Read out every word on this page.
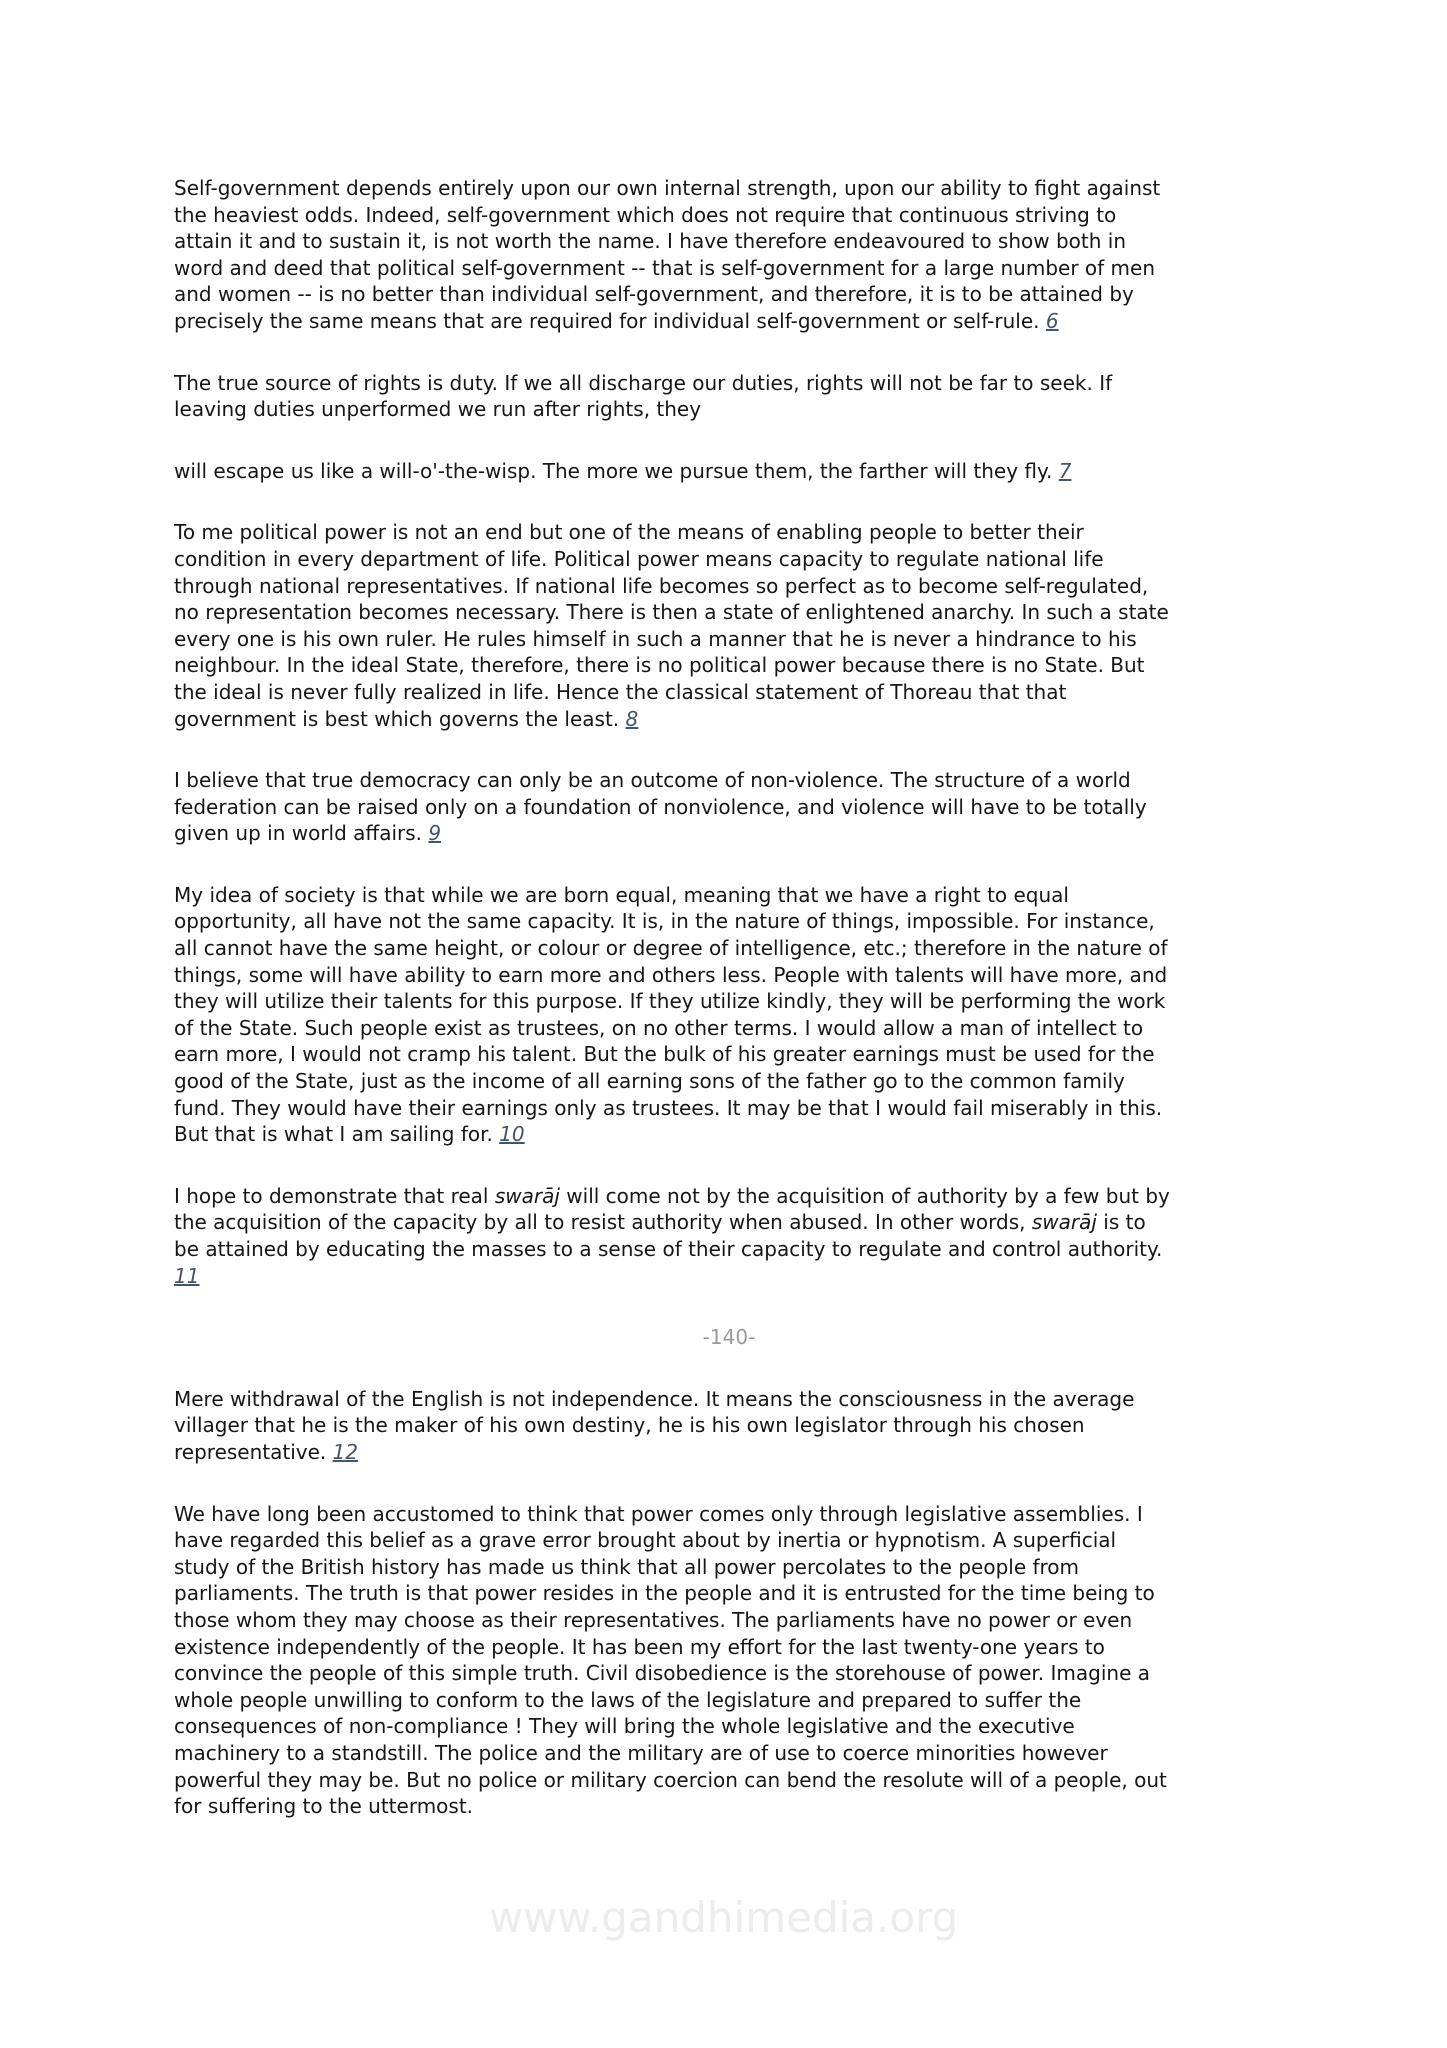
Self-government depends entirely upon our own internal strength, upon our ability to fight against
the heaviest odds. Indeed, self-government which does not require that continuous striving to
attain it and to sustain it, is not worth the name. I have therefore endeavoured to show both in
word and deed that political self-government -- that is self-government for a large number of men
and women -- is no better than individual self-government, and therefore, it is to be attained by
precisely the same means that are required for individual self-government or self-rule. 6
The true source of rights is duty. If we all discharge our duties, rights will not be far to seek. If
leaving duties unperformed we run after rights, they
will escape us like a will-o'-the-wisp. The more we pursue them, the farther will they fly. 7
To me political power is not an end but one of the means of enabling people to better their
condition in every department of life. Political power means capacity to regulate national life
through national representatives. If national life becomes so perfect as to become self-regulated,
no representation becomes necessary. There is then a state of enlightened anarchy. In such a state
every one is his own ruler. He rules himself in such a manner that he is never a hindrance to his
neighbour. In the ideal State, therefore, there is no political power because there is no State. But
the ideal is never fully realized in life. Hence the classical statement of Thoreau that that
government is best which governs the least. 8
I believe that true democracy can only be an outcome of non-violence. The structure of a world
federation can be raised only on a foundation of nonviolence, and violence will have to be totally
given up in world affairs. 9
My idea of society is that while we are born equal, meaning that we have a right to equal
opportunity, all have not the same capacity. It is, in the nature of things, impossible. For instance,
all cannot have the same height, or colour or degree of intelligence, etc.; therefore in the nature of
things, some will have ability to earn more and others less. People with talents will have more, and
they will utilize their talents for this purpose. If they utilize kindly, they will be performing the work
of the State. Such people exist as trustees, on no other terms. I would allow a man of intellect to
earn more, I would not cramp his talent. But the bulk of his greater earnings must be used for the
good of the State, just as the income of all earning sons of the father go to the common family
fund. They would have their earnings only as trustees. It may be that I would fail miserably in this.
But that is what I am sailing for. 10
I hope to demonstrate that real swarāj will come not by the acquisition of authority by a few but by
the acquisition of the capacity by all to resist authority when abused. In other words, swarāj is to
be attained by educating the masses to a sense of their capacity to regulate and control authority.
11
-140-
Mere withdrawal of the English is not independence. It means the consciousness in the average
villager that he is the maker of his own destiny, he is his own legislator through his chosen
representative. 12
We have long been accustomed to think that power comes only through legislative assemblies. I
have regarded this belief as a grave error brought about by inertia or hypnotism. A superficial
study of the British history has made us think that all power percolates to the people from
parliaments. The truth is that power resides in the people and it is entrusted for the time being to
those whom they may choose as their representatives. The parliaments have no power or even
existence independently of the people. It has been my effort for the last twenty-one years to
convince the people of this simple truth. Civil disobedience is the storehouse of power. Imagine a
whole people unwilling to conform to the laws of the legislature and prepared to suffer the
consequences of non-compliance ! They will bring the whole legislative and the executive
machinery to a standstill. The police and the military are of use to coerce minorities however
powerful they may be. But no police or military coercion can bend the resolute will of a people, out
for suffering to the uttermost.
www.gandhimedia.org
